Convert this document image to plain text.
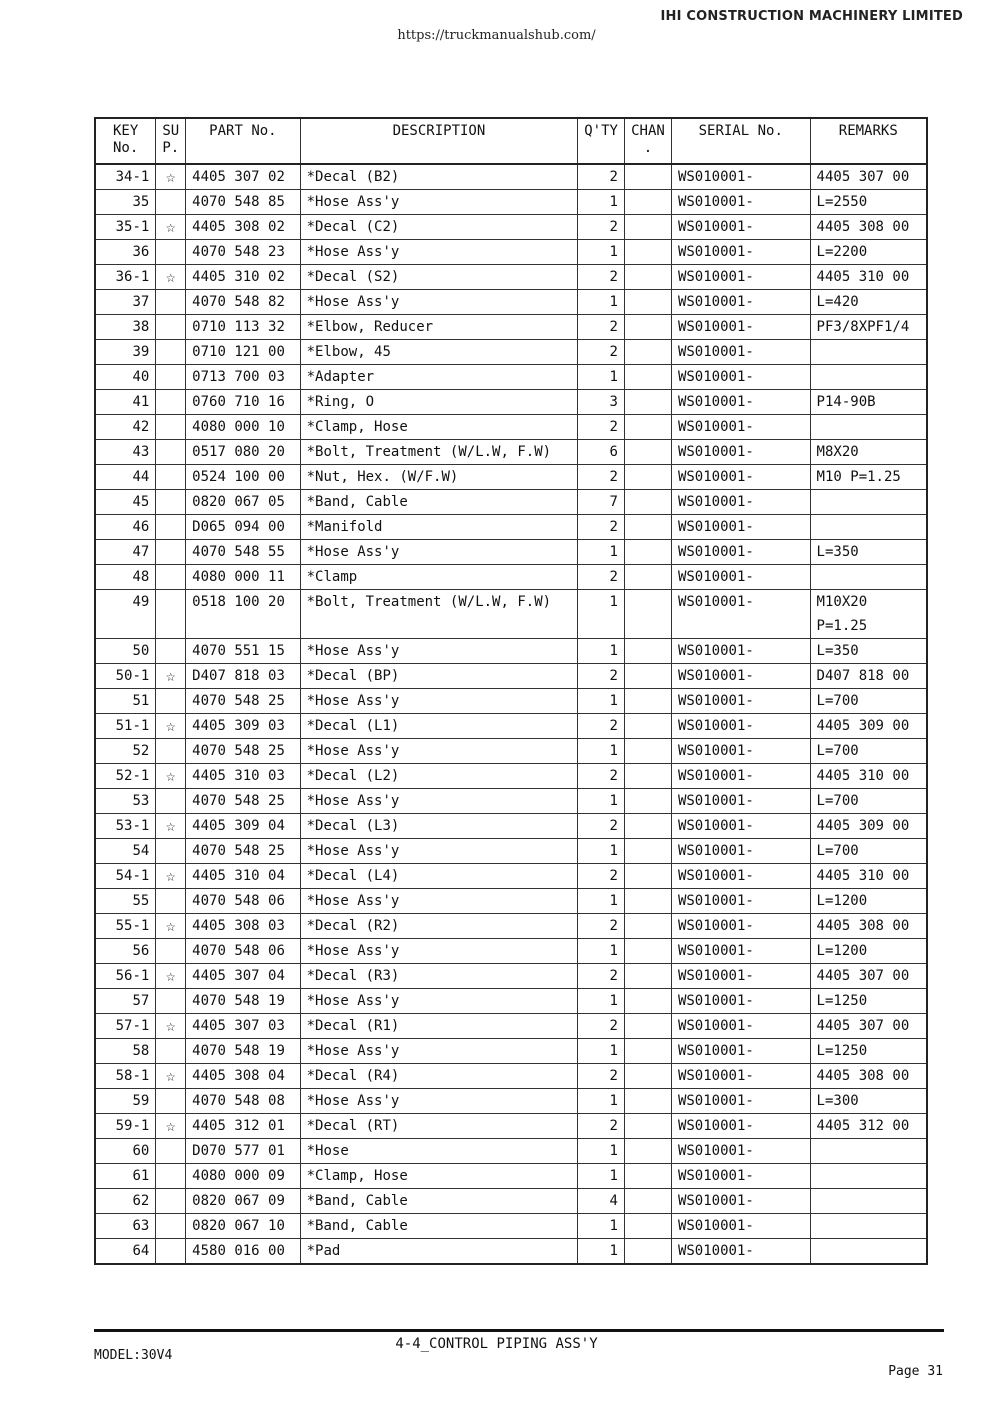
IHI CONSTRUCTION MACHINERY LIMITED
https://truckmanualshub.com/
KEY No.	SU P.	PART No.	DESCRIPTION	Q'TY	CHAN .	SERIAL No.	REMARKS
34-1	☆	4405 307 02	*Decal (B2)	2		WS010001-	4405 307 00
35		4070 548 85	*Hose Ass'y	1		WS010001-	L=2550
35-1	☆	4405 308 02	*Decal (C2)	2		WS010001-	4405 308 00
36		4070 548 23	*Hose Ass'y	1		WS010001-	L=2200
36-1	☆	4405 310 02	*Decal (S2)	2		WS010001-	4405 310 00
37		4070 548 82	*Hose Ass'y	1		WS010001-	L=420
38		0710 113 32	*Elbow, Reducer	2		WS010001-	PF3/8XPF1/4
39		0710 121 00	*Elbow, 45	2		WS010001-	
40		0713 700 03	*Adapter	1		WS010001-	
41		0760 710 16	*Ring, O	3		WS010001-	P14-90B
42		4080 000 10	*Clamp, Hose	2		WS010001-	
43		0517 080 20	*Bolt, Treatment (W/L.W, F.W)	6		WS010001-	M8X20
44		0524 100 00	*Nut, Hex. (W/F.W)	2		WS010001-	M10 P=1.25
45		0820 067 05	*Band, Cable	7		WS010001-	
46		D065 094 00	*Manifold	2		WS010001-	
47		4070 548 55	*Hose Ass'y	1		WS010001-	L=350
48		4080 000 11	*Clamp	2		WS010001-	
49		0518 100 20	*Bolt, Treatment (W/L.W, F.W)	1		WS010001-	M10X20
P=1.25
50		4070 551 15	*Hose Ass'y	1		WS010001-	L=350
50-1	☆	D407 818 03	*Decal (BP)	2		WS010001-	D407 818 00
51		4070 548 25	*Hose Ass'y	1		WS010001-	L=700
51-1	☆	4405 309 03	*Decal (L1)	2		WS010001-	4405 309 00
52		4070 548 25	*Hose Ass'y	1		WS010001-	L=700
52-1	☆	4405 310 03	*Decal (L2)	2		WS010001-	4405 310 00
53		4070 548 25	*Hose Ass'y	1		WS010001-	L=700
53-1	☆	4405 309 04	*Decal (L3)	2		WS010001-	4405 309 00
54		4070 548 25	*Hose Ass'y	1		WS010001-	L=700
54-1	☆	4405 310 04	*Decal (L4)	2		WS010001-	4405 310 00
55		4070 548 06	*Hose Ass'y	1		WS010001-	L=1200
55-1	☆	4405 308 03	*Decal (R2)	2		WS010001-	4405 308 00
56		4070 548 06	*Hose Ass'y	1		WS010001-	L=1200
56-1	☆	4405 307 04	*Decal (R3)	2		WS010001-	4405 307 00
57		4070 548 19	*Hose Ass'y	1		WS010001-	L=1250
57-1	☆	4405 307 03	*Decal (R1)	2		WS010001-	4405 307 00
58		4070 548 19	*Hose Ass'y	1		WS010001-	L=1250
58-1	☆	4405 308 04	*Decal (R4)	2		WS010001-	4405 308 00
59		4070 548 08	*Hose Ass'y	1		WS010001-	L=300
59-1	☆	4405 312 01	*Decal (RT)	2		WS010001-	4405 312 00
60		D070 577 01	*Hose	1		WS010001-	
61		4080 000 09	*Clamp, Hose	1		WS010001-	
62		0820 067 09	*Band, Cable	4		WS010001-	
63		0820 067 10	*Band, Cable	1		WS010001-	
64		4580 016 00	*Pad	1		WS010001-	
4-4_CONTROL PIPING ASS'Y
MODEL:30V4
Page 31
